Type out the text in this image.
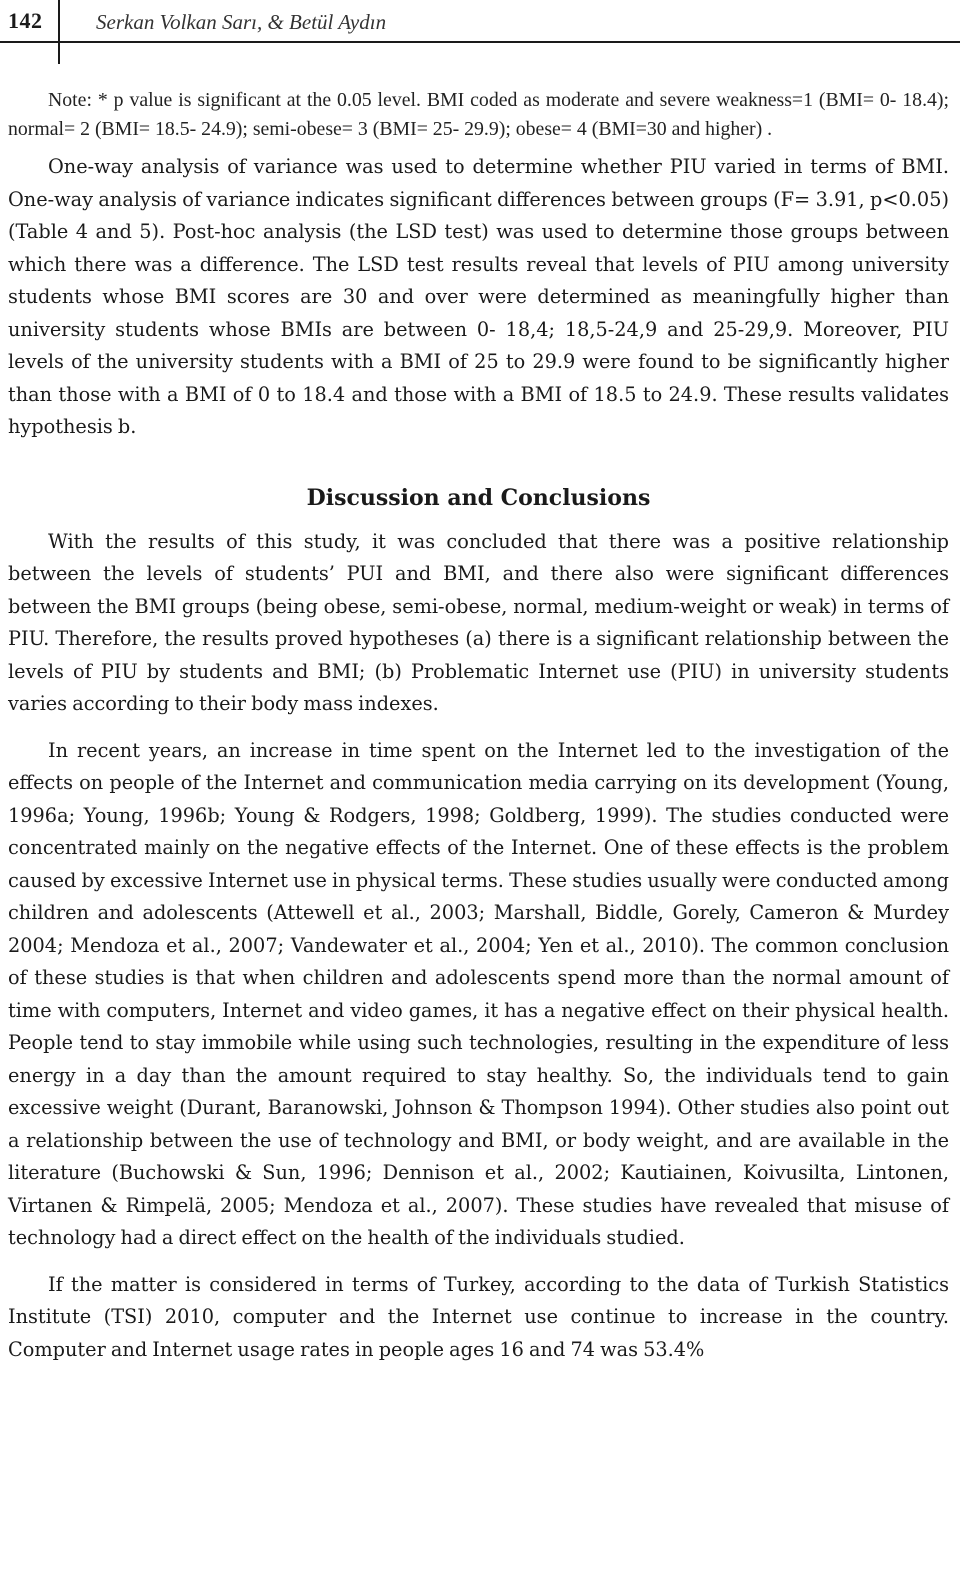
142	Serkan Volkan Sarı, & Betül Aydın

Note: * p value is significant at the 0.05 level. BMI coded as moderate and severe weakness=1 (BMI= 0- 18.4); normal= 2 (BMI= 18.5- 24.9); semi-obese= 3 (BMI= 25- 29.9); obese= 4 (BMI=30 and higher) .

One-way analysis of variance was used to determine whether PIU varied in terms of BMI. One-way analysis of variance indicates significant differences between groups (F= 3.91, p<0.05) (Table 4 and 5). Post-hoc analysis (the LSD test) was used to determine those groups between which there was a difference. The LSD test results reveal that levels of PIU among university students whose BMI scores are 30 and over were determined as meaningfully higher than university students whose BMIs are between 0- 18,4; 18,5-24,9 and 25-29,9. Moreover, PIU levels of the university students with a BMI of 25 to 29.9 were found to be significantly higher than those with a BMI of 0 to 18.4 and those with a BMI of 18.5 to 24.9. These results validates hypothesis b.

Discussion and Conclusions

With the results of this study, it was concluded that there was a positive relationship between the levels of students’ PUI and BMI, and there also were significant differences between the BMI groups (being obese, semi-obese, normal, medium-weight or weak) in terms of PIU. Therefore, the results proved hypotheses (a) there is a significant relationship between the levels of PIU by students and BMI; (b) Problematic Internet use (PIU) in university students varies according to their body mass indexes.

In recent years, an increase in time spent on the Internet led to the investigation of the effects on people of the Internet and communication media carrying on its development (Young, 1996a; Young, 1996b; Young & Rodgers, 1998; Goldberg, 1999). The studies conducted were concentrated mainly on the negative effects of the Internet. One of these effects is the problem caused by excessive Internet use in physical terms. These studies usually were conducted among children and adolescents (Attewell et al., 2003; Marshall, Biddle, Gorely, Cameron & Murdey 2004; Mendoza et al., 2007; Vandewater et al., 2004; Yen et al., 2010). The common conclusion of these studies is that when children and adolescents spend more than the normal amount of time with computers, Internet and video games, it has a negative effect on their physical health. People tend to stay immobile while using such technologies, resulting in the expenditure of less energy in a day than the amount required to stay healthy. So, the individuals tend to gain excessive weight (Durant, Baranowski, Johnson & Thompson 1994). Other studies also point out a relationship between the use of technology and BMI, or body weight, and are available in the literature (Buchowski & Sun, 1996; Dennison et al., 2002; Kautiainen, Koivusilta, Lintonen, Virtanen & Rimpelä, 2005; Mendoza et al., 2007). These studies have revealed that misuse of technology had a direct effect on the health of the individuals studied.

If the matter is considered in terms of Turkey, according to the data of Turkish Statistics Institute (TSI) 2010, computer and the Internet use continue to increase in the country. Computer and Internet usage rates in people ages 16 and 74 was 53.4%
